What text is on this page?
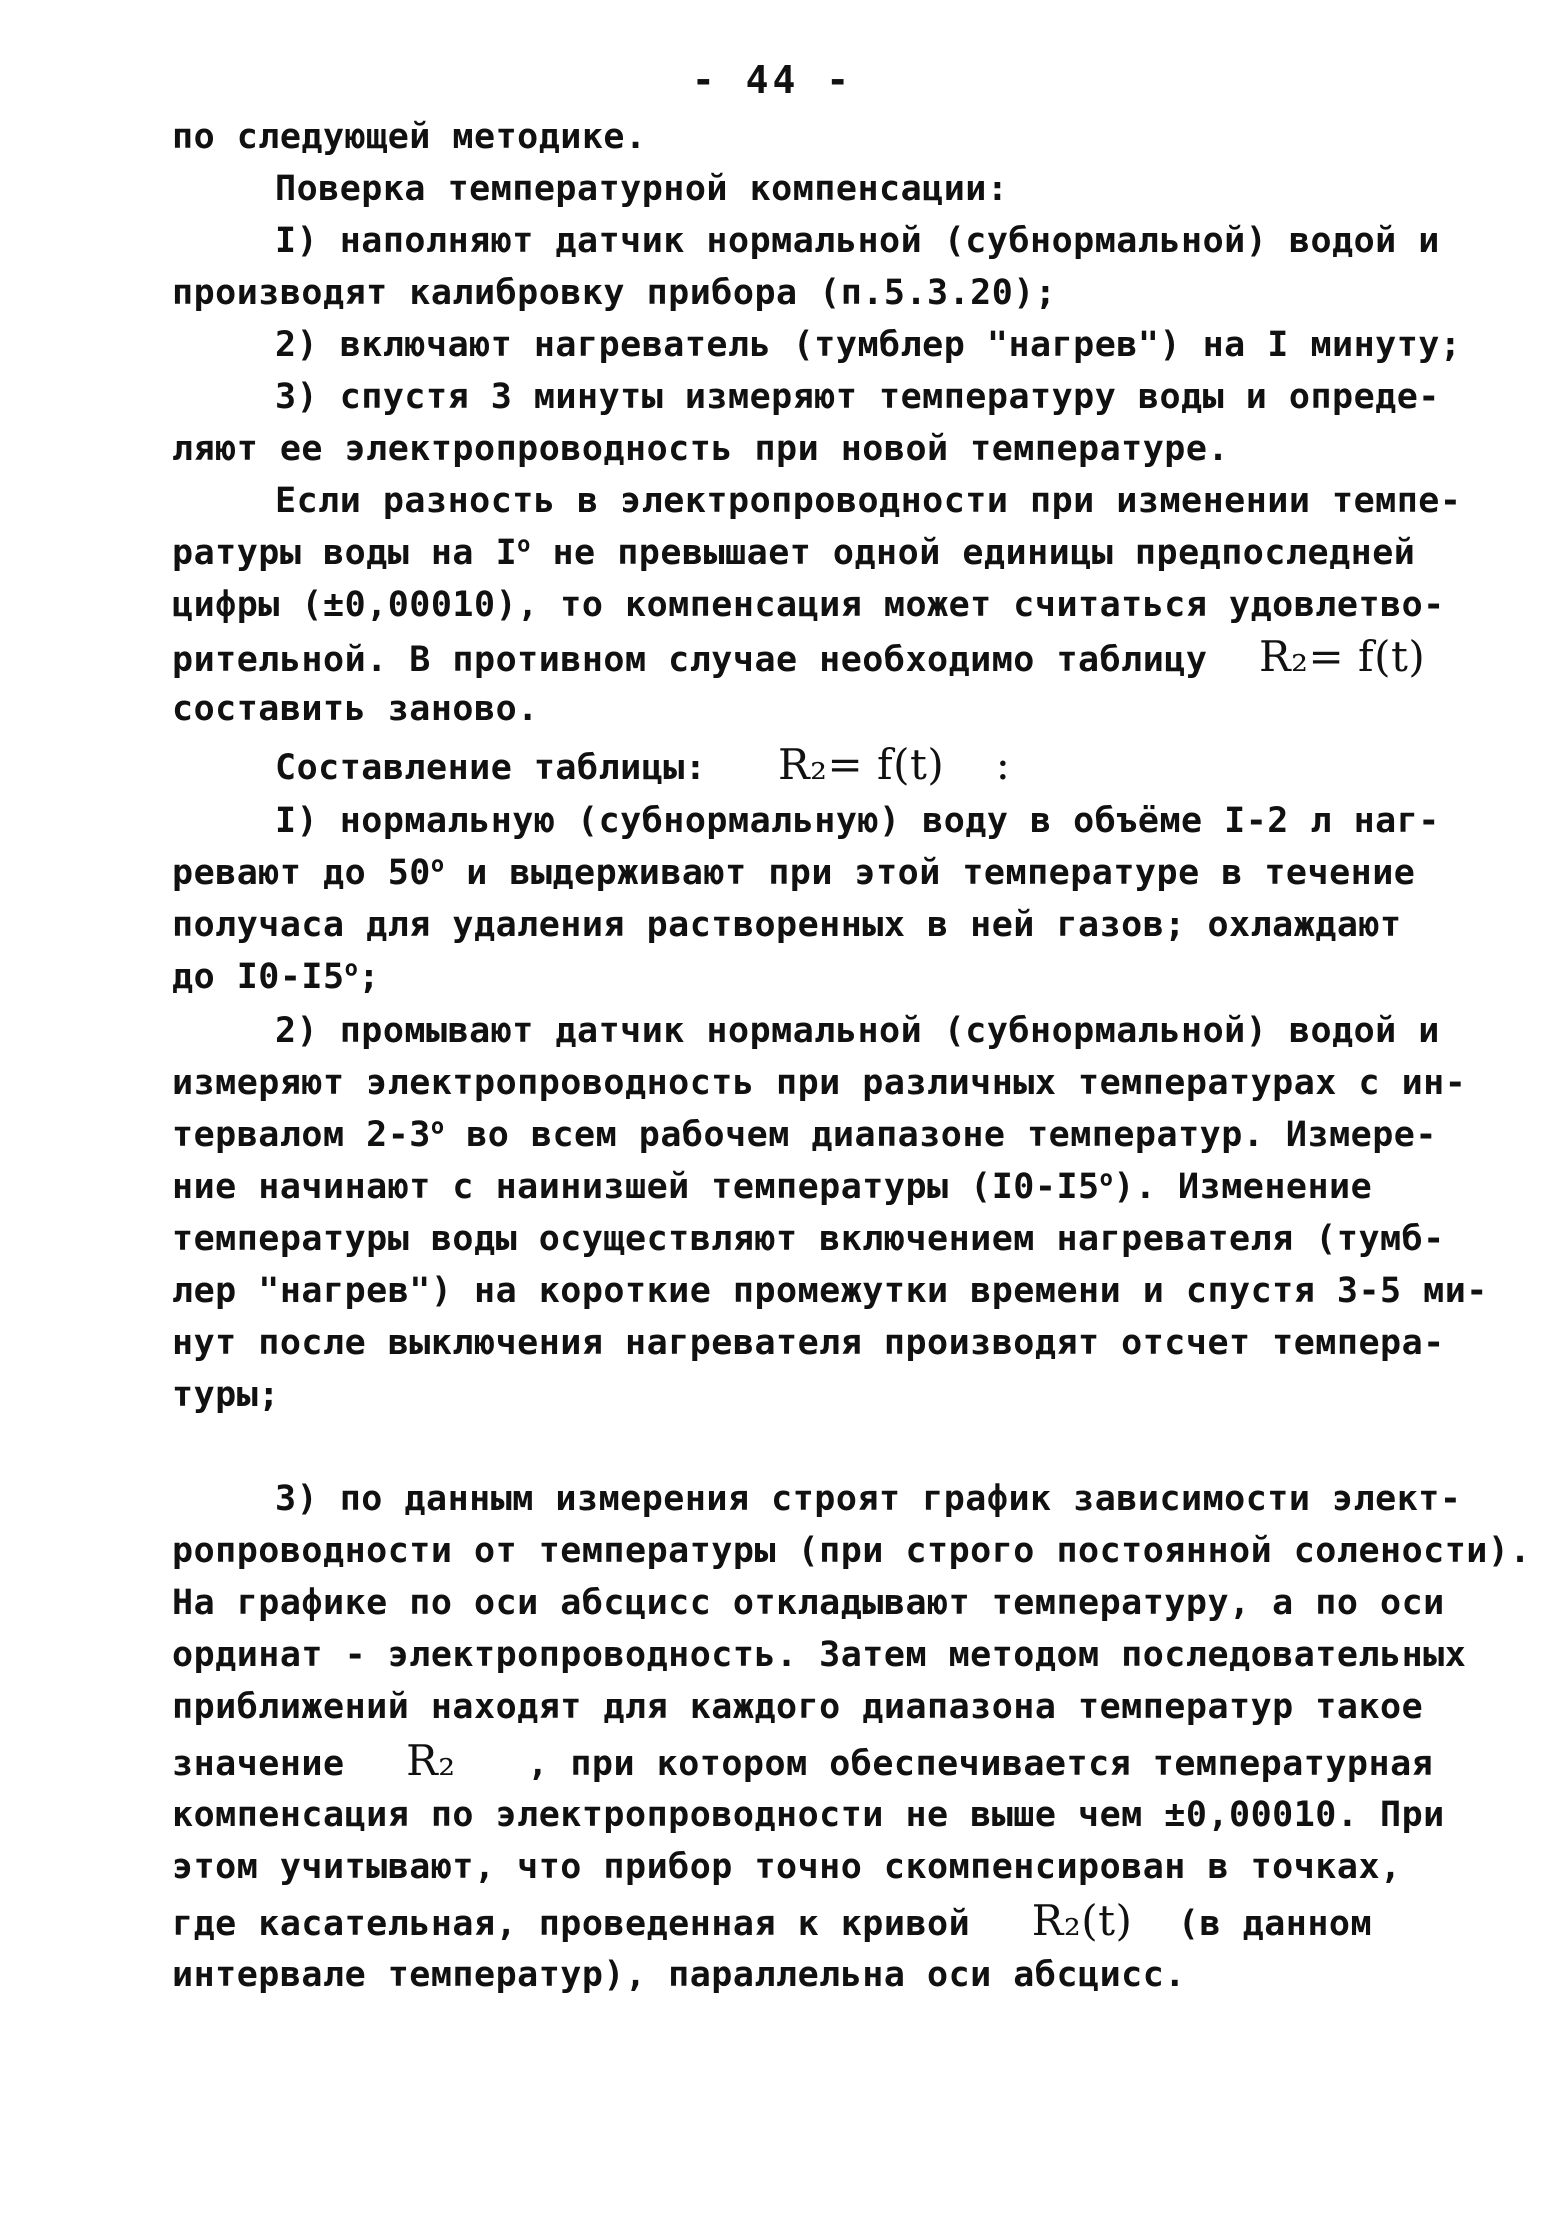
- 44 -
по следующей методике.
Поверка температурной компенсации:
I) наполняют датчик нормальной (субнормальной) водой и
производят калибровку прибора (п.5.3.20);
2) включают нагреватель (тумблер "нагрев") на I минуту;
3) спустя 3 минуты измеряют температуру воды и опреде-
ляют ее электропроводность при новой температуре.
Если разность в электропроводности при изменении темпе-
ратуры воды на $I^o$ не превышает одной единицы предпоследней
цифры (±0,00010), то компенсация может считаться удовлетво-
рительной. В противном случае необходимо таблицу R₂= f(t)
составить заново.
Составление таблицы: R₂= f(t) :
I) нормальную (субнормальную) воду в объёме I-2 л наг-
ревают до 50$^o$ и выдерживают при этой температуре в течение
получаса для удаления растворенных в ней газов; охлаждают
до I0-I5$^o$;
2) промывают датчик нормальной (субнормальной) водой и
измеряют электропроводность при различных температурах с ин-
тервалом 2-3$^o$ во всем рабочем диапазоне температур. Измере-
ние начинают с наинизшей температуры (I0-I5$^o$). Изменение
температуры воды осуществляют включением нагревателя (тумб-
лер "нагрев") на короткие промежутки времени и спустя 3-5 ми-
нут после выключения нагревателя производят отсчет темпера-
туры;
3) по данным измерения строят график зависимости элект-
ропроводности от температуры (при строго постоянной солености).
На графике по оси абсцисс откладывают температуру, а по оси
ординат - электропроводность. Затем методом последовательных
приближений находят для каждого диапазона температур такое
значение R₂ , при котором обеспечивается температурная
компенсация по электропроводности не выше чем ±0,00010. При
этом учитывают, что прибор точно скомпенсирован в точках,
где касательная, проведенная к кривой R₂(t) (в данном
интервале температур), параллельна оси абсцисс.
